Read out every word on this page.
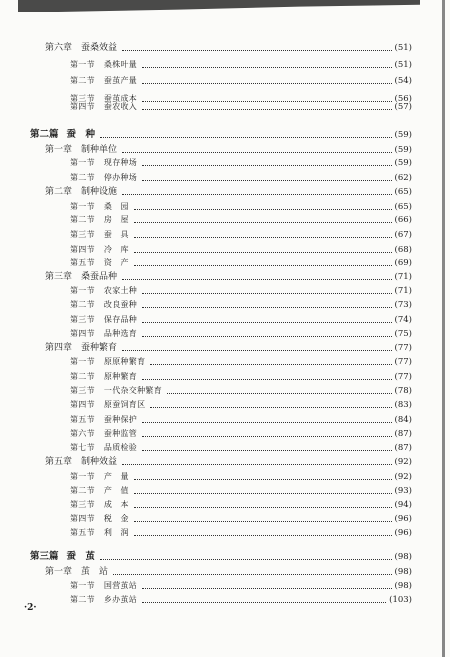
第六章 蚕桑效益	(51)
第一节 桑株叶量	(51)
第二节 蚕茧产量	(54)
第三节 蚕茧成本	(56)
第四节 蚕农收入	(57)
第二篇 蚕　种	(59)
第一章 制种单位	(59)
第一节 现存种场	(59)
第二节 停办种场	(62)
第二章 制种设施	(65)
第一节 桑　园	(65)
第二节 房　屋	(66)
第三节 蚕　具	(67)
第四节 冷　库	(68)
第五节 资　产	(69)
第三章 桑蚕品种	(71)
第一节 农家土种	(71)
第二节 改良蚕种	(73)
第三节 保存品种	(74)
第四节 品种选育	(75)
第四章 蚕种繁育	(77)
第一节 原原种繁育	(77)
第二节 原种繁育	(77)
第三节 一代杂交种繁育	(78)
第四节 原蚕饲育区	(83)
第五节 蚕种保护	(84)
第六节 蚕种监管	(87)
第七节 品质检验	(87)
第五章 制种效益	(92)
第一节 产　量	(92)
第二节 产　值	(93)
第三节 成　本	(94)
第四节 税　金	(96)
第五节 利　润	(96)
第三篇 蚕　茧	(98)
第一章 茧　站	(98)
第一节 国营茧站	(98)
第二节 乡办茧站	(103)
·2·
